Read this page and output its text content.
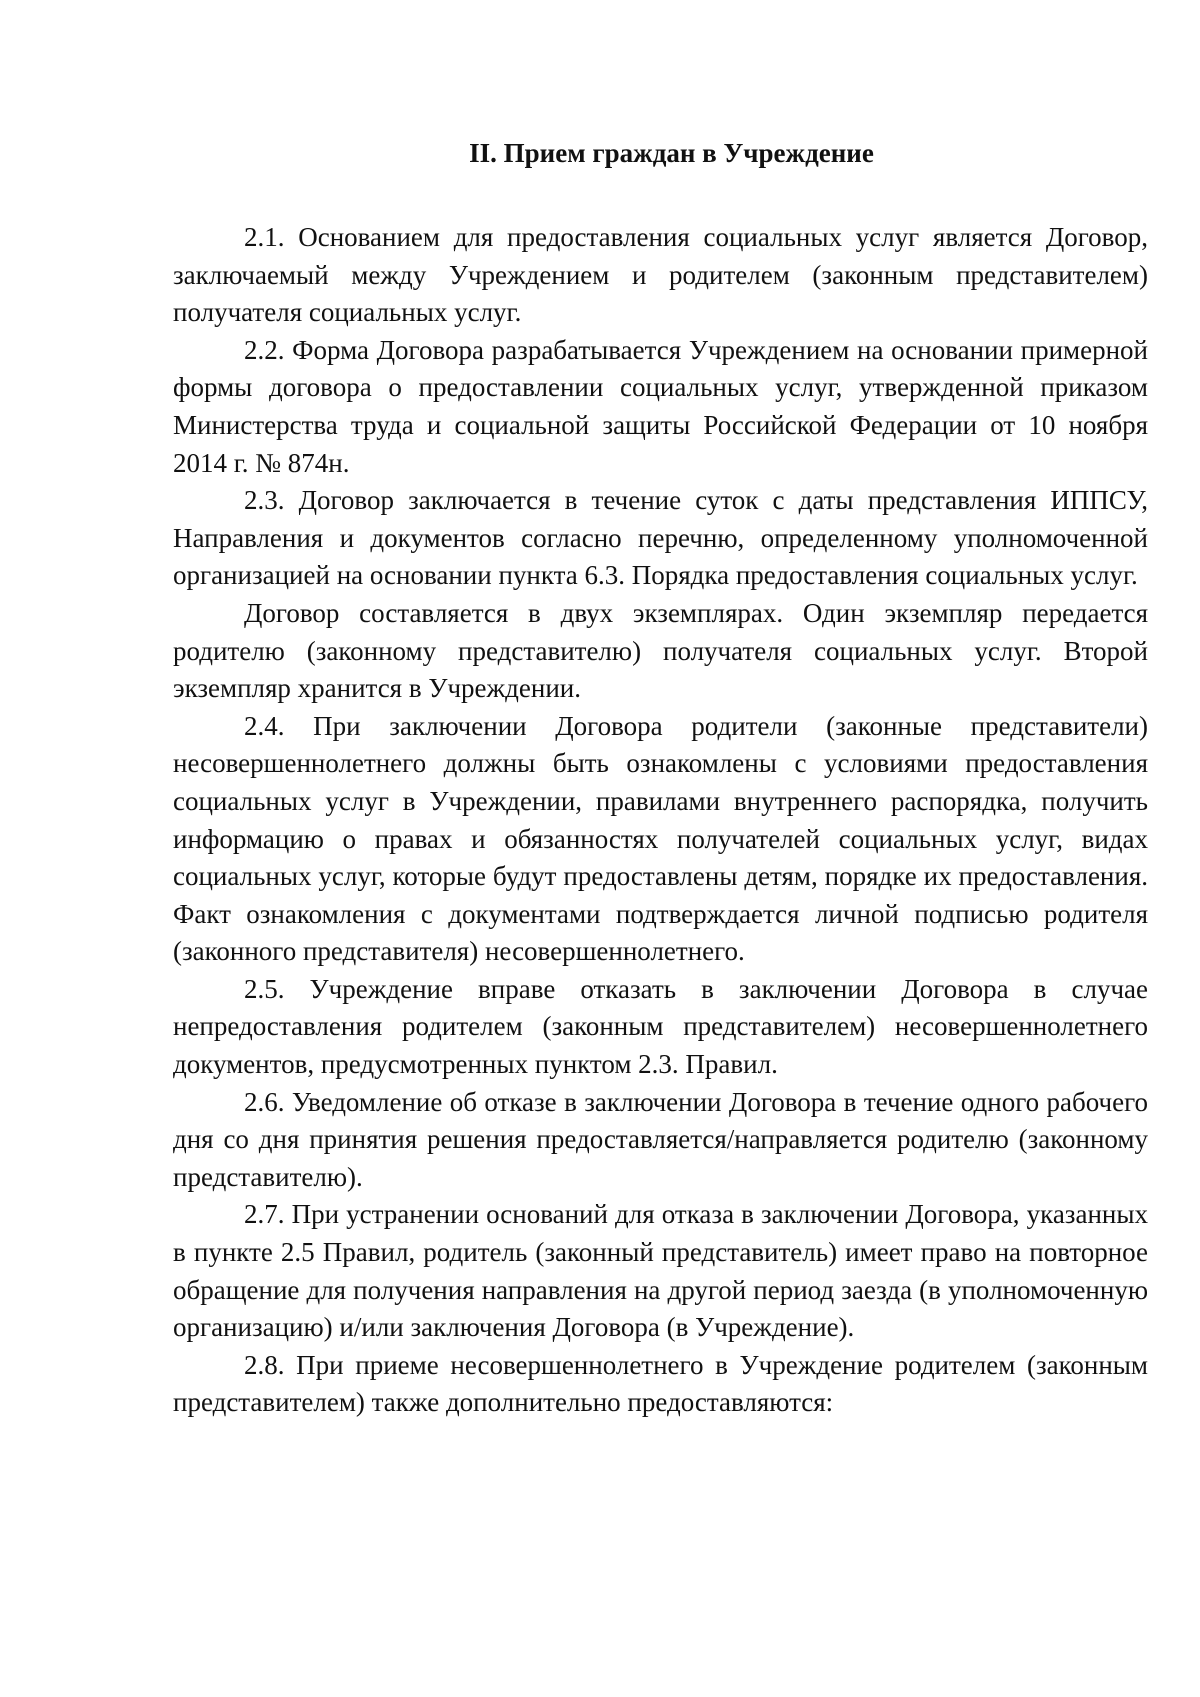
II. Прием граждан в Учреждение

2.1. Основанием для предоставления социальных услуг является Договор, заключаемый между Учреждением и родителем (законным представителем) получателя социальных услуг.

2.2. Форма Договора разрабатывается Учреждением на основании примерной формы договора о предоставлении социальных услуг, утвержденной приказом Министерства труда и социальной защиты Российской Федерации от 10 ноября 2014 г. № 874н.

2.3. Договор заключается в течение суток с даты представления ИППСУ, Направления и документов согласно перечню, определенному уполномоченной организацией на основании пункта 6.3. Порядка предоставления социальных услуг.

Договор составляется в двух экземплярах. Один экземпляр передается родителю (законному представителю) получателя социальных услуг. Второй экземпляр хранится в Учреждении.

2.4. При заключении Договора родители (законные представители) несовершеннолетнего должны быть ознакомлены с условиями предоставления социальных услуг в Учреждении, правилами внутреннего распорядка, получить информацию о правах и обязанностях получателей социальных услуг, видах социальных услуг, которые будут предоставлены детям, порядке их предоставления. Факт ознакомления с документами подтверждается личной подписью родителя (законного представителя) несовершеннолетнего.

2.5. Учреждение вправе отказать в заключении Договора в случае непредоставления родителем (законным представителем) несовершеннолетнего документов, предусмотренных пунктом 2.3. Правил.

2.6. Уведомление об отказе в заключении Договора в течение одного рабочего дня со дня принятия решения предоставляется/направляется родителю (законному представителю).

2.7. При устранении оснований для отказа в заключении Договора, указанных в пункте 2.5 Правил, родитель (законный представитель) имеет право на повторное обращение для получения направления на другой период заезда (в уполномоченную организацию) и/или заключения Договора (в Учреждение).

2.8. При приеме несовершеннолетнего в Учреждение родителем (законным представителем) также дополнительно предоставляются:
